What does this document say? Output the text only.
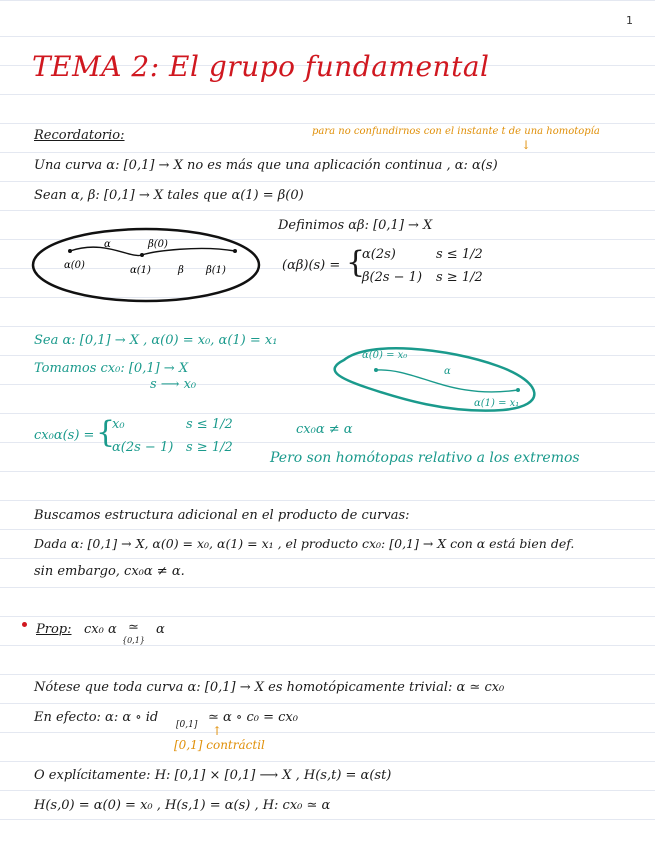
1
TEMA 2: El grupo fundamental
Recordatorio:	para no confundirnos con el instante t de una homotopía
↓
Una curva α: [0,1] → X no es más que una aplicación continua , α: α(s)
Sean α, β: [0,1] → X tales que α(1) = β(0)
α(0)
α	β(0)
α(1)	β β(1)
Definimos αβ: [0,1] → X
(αβ)(s) = {
α(2s)	s ≤ 1/2
β(2s − 1) s ≥ 1/2
Sea α: [0,1] → X , α(0) = x₀, α(1) = x₁
Tomamos cx₀: [0,1] → X
s ⟶ x₀
α(0) = x₀
α
α(1) = x₁
cx₀α(s) = {
x₀	s ≤ 1/2
α(2s − 1) s ≥ 1/2
cx₀α ≠ α
Pero son homótopas relativo a los extremos
Buscamos estructura adicional en el producto de curvas:
Dada α: [0,1] → X, α(0) = x₀, α(1) = x₁ , el producto cx₀: [0,1] → X con α está bien def.
sin embargo, cx₀α ≠ α.
Prop: cx₀ α ≃
{0,1}
α
Nótese que toda curva α: [0,1] → X es homotópicamente trivial: α ≃ cx₀
En efecto: α: α ∘ id [0,1] ≃ α ∘ c₀ = cx₀
↑
[0,1] contráctil
O explícitamente: H: [0,1] × [0,1] ⟶ X , H(s,t) = α(st)
H(s,0) = α(0) = x₀ , H(s,1) = α(s) , H: cx₀ ≃ α
